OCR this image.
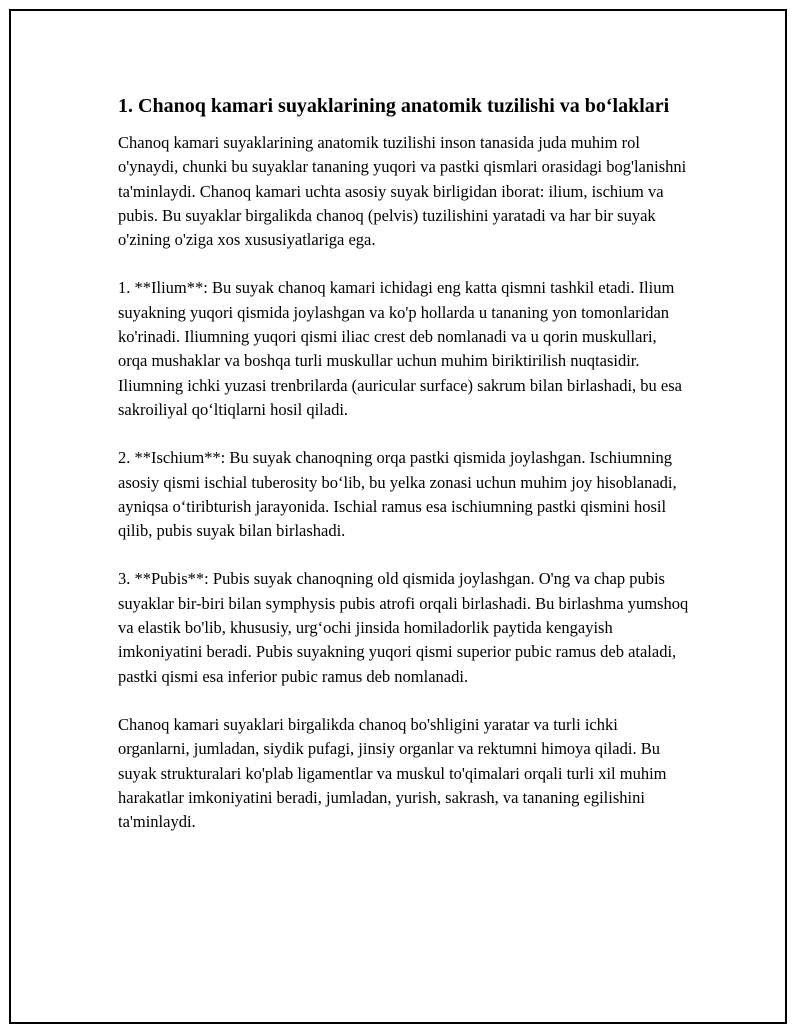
1. Chanoq kamari suyaklarining anatomik tuzilishi va bo‘laklari

Chanoq kamari suyaklarining anatomik tuzilishi inson tanasida juda muhim rol o'ynaydi, chunki bu suyaklar tananing yuqori va pastki qismlari orasidagi bog'lanishni ta'minlaydi. Chanoq kamari uchta asosiy suyak birligidan iborat: ilium, ischium va pubis. Bu suyaklar birgalikda chanoq (pelvis) tuzilishini yaratadi va har bir suyak o'zining o'ziga xos xususiyatlariga ega.

1. **Ilium**: Bu suyak chanoq kamari ichidagi eng katta qismni tashkil etadi. Ilium suyakning yuqori qismida joylashgan va ko'p hollarda u tananing yon tomonlaridan ko'rinadi. Iliumning yuqori qismi iliac crest deb nomlanadi va u qorin muskullari, orqa mushaklar va boshqa turli muskullar uchun muhim biriktirilish nuqtasidir. Iliumning ichki yuzasi trenbrilarda (auricular surface) sakrum bilan birlashadi, bu esa sakroiliyal qo‘ltiqlarni hosil qiladi.

2. **Ischium**: Bu suyak chanoqning orqa pastki qismida joylashgan. Ischiumning asosiy qismi ischial tuberosity bo‘lib, bu yelka zonasi uchun muhim joy hisoblanadi, ayniqsa o‘tiribturish jarayonida. Ischial ramus esa ischiumning pastki qismini hosil qilib, pubis suyak bilan birlashadi.

3. **Pubis**: Pubis suyak chanoqning old qismida joylashgan. O'ng va chap pubis suyaklar bir-biri bilan symphysis pubis atrofi orqali birlashadi. Bu birlashma yumshoq va elastik bo'lib, khususiy, urg‘ochi jinsida homiladorlik paytida kengayish imkoniyatini beradi. Pubis suyakning yuqori qismi superior pubic ramus deb ataladi, pastki qismi esa inferior pubic ramus deb nomlanadi.

Chanoq kamari suyaklari birgalikda chanoq bo'shligini yaratar va turli ichki organlarni, jumladan, siydik pufagi, jinsiy organlar va rektumni himoya qiladi. Bu suyak strukturalari ko'plab ligamentlar va muskul to'qimalari orqali turli xil muhim harakatlar imkoniyatini beradi, jumladan, yurish, sakrash, va tananing egilishini ta'minlaydi.
